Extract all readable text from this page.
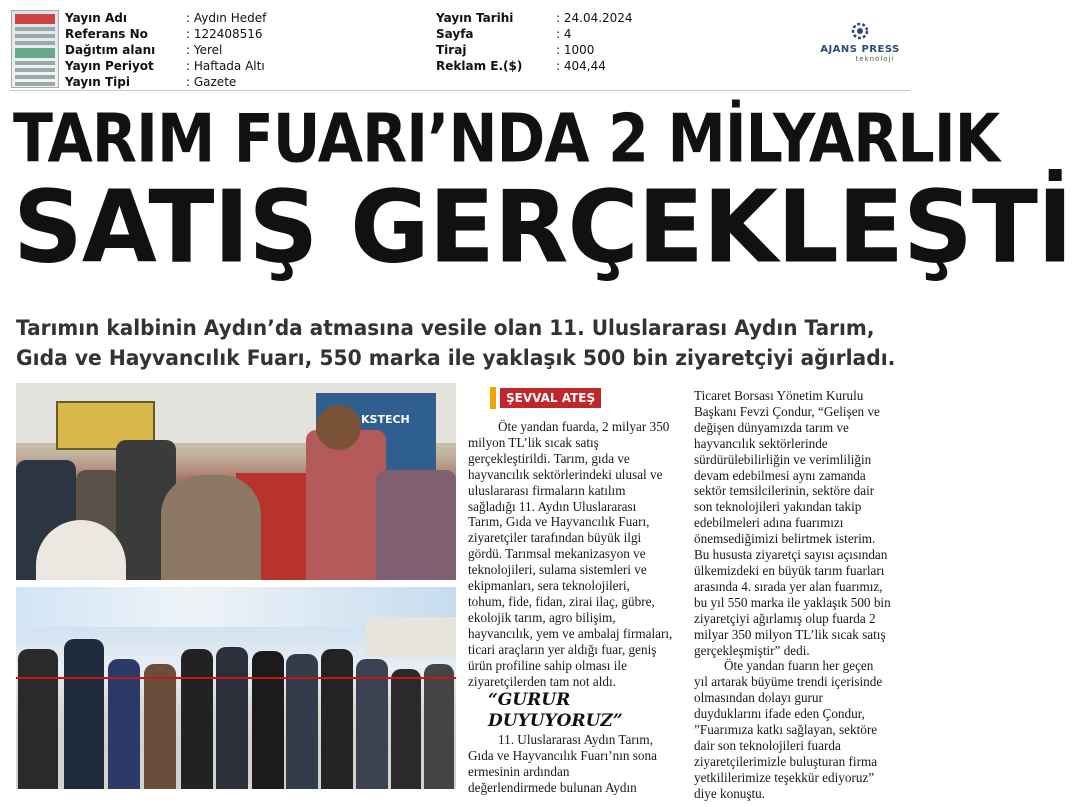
Yayın Adı	: Aydın Hedef
Referans No	: 122408516
Dağıtım alanı	: Yerel
Yayın Periyot	: Haftada Altı
Yayın Tipi	: Gazete
Yayın Tarihi	: 24.04.2024
Sayfa	: 4
Tiraj	: 1000
Reklam E.($)	: 404,44
AJANS PRESS
teknoloji
TARIM FUARI’NDA 2 MİLYARLIK
SATIŞ GERÇEKLEŞTİ
Tarımın kalbinin Aydın’da atmasına vesile olan 11. Uluslararası Aydın Tarım,
Gıda ve Hayvancılık Fuarı, 550 marka ile yaklaşık 500 bin ziyaretçiyi ağırladı.
KSTECH
ŞEVVAL ATEŞ

Öte yandan fuarda, 2 milyar 350

milyon TL’lik sıcak satış

gerçekleştirildi. Tarım, gıda ve

hayvancılık sektörlerindeki ulusal ve

uluslararası firmaların katılım

sağladığı 11. Aydın Uluslararası

Tarım, Gıda ve Hayvancılık Fuarı,

ziyaretçiler tarafından büyük ilgi

gördü. Tarımsal mekanizasyon ve

teknolojileri, sulama sistemleri ve

ekipmanları, sera teknolojileri,

tohum, fide, fidan, zirai ilaç, gübre,

ekolojik tarım, agro bilişim,

hayvancılık, yem ve ambalaj firmaları,

ticari araçların yer aldığı fuar, geniş

ürün profiline sahip olması ile

ziyaretçilerden tam not aldı.

“GURUR
DUYUYORUZ”

11. Uluslararası Aydın Tarım,

Gıda ve Hayvancılık Fuarı’nın sona

ermesinin ardından

değerlendirmede bulunan Aydın

Ticaret Borsası Yönetim Kurulu

Başkanı Fevzi Çondur, “Gelişen ve

değişen dünyamızda tarım ve

hayvancılık sektörlerinde

sürdürülebilirliğin ve verimliliğin

devam edebilmesi aynı zamanda

sektör temsilcilerinin, sektöre dair

son teknolojileri yakından takip

edebilmeleri adına fuarımızı

önemsediğimizi belirtmek isterim.

Bu hususta ziyaretçi sayısı açısından

ülkemizdeki en büyük tarım fuarları

arasında 4. sırada yer alan fuarımız,

bu yıl 550 marka ile yaklaşık 500 bin

ziyaretçiyi ağırlamış olup fuarda 2

milyar 350 milyon TL’lik sıcak satış

gerçekleşmiştir” dedi.

Öte yandan fuarın her geçen

yıl artarak büyüme trendi içerisinde

olmasından dolayı gurur

duyduklarını ifade eden Çondur,

”Fuarımıza katkı sağlayan, sektöre

dair son teknolojileri fuarda

ziyaretçilerimizle buluşturan firma

yetkililerimize teşekkür ediyoruz”

diye konuştu.
